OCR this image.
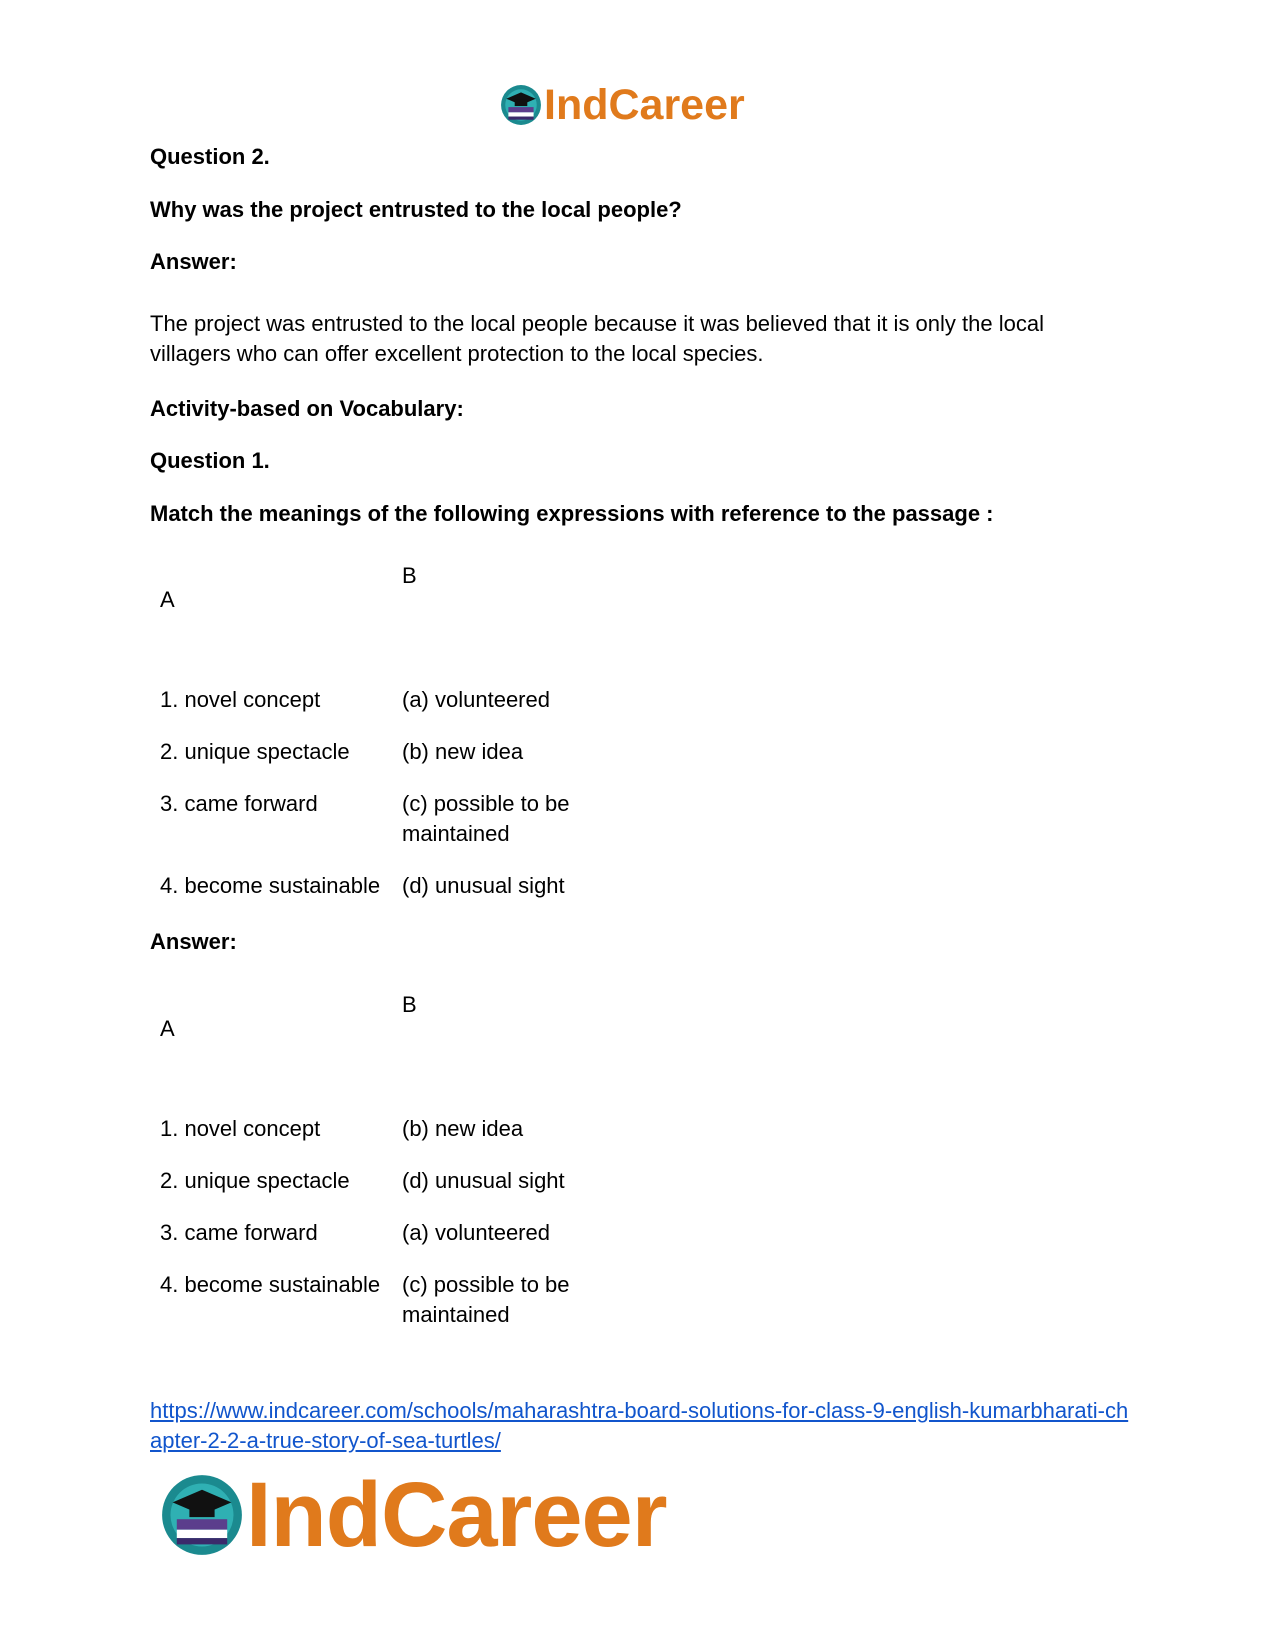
IndCareer
Question 2.
Why was the project entrusted to the local people?
Answer:
The project was entrusted to the local people because it was believed that it is only the local villagers who can offer excellent protection to the local species.
Activity-based on Vocabulary:
Question 1.
Match the meanings of the following expressions with reference to the passage :
A	B
1. novel concept	(a) volunteered
2. unique spectacle	(b) new idea
3. came forward	(c) possible to be maintained
4. become sustainable	(d) unusual sight
Answer:
A	B
1. novel concept	(b) new idea
2. unique spectacle	(d) unusual sight
3. came forward	(a) volunteered
4. become sustainable	(c) possible to be maintained
https://www.indcareer.com/schools/maharashtra-board-solutions-for-class-9-english-kumarbharati-chapter-2-2-a-true-story-of-sea-turtles/
IndCareer
